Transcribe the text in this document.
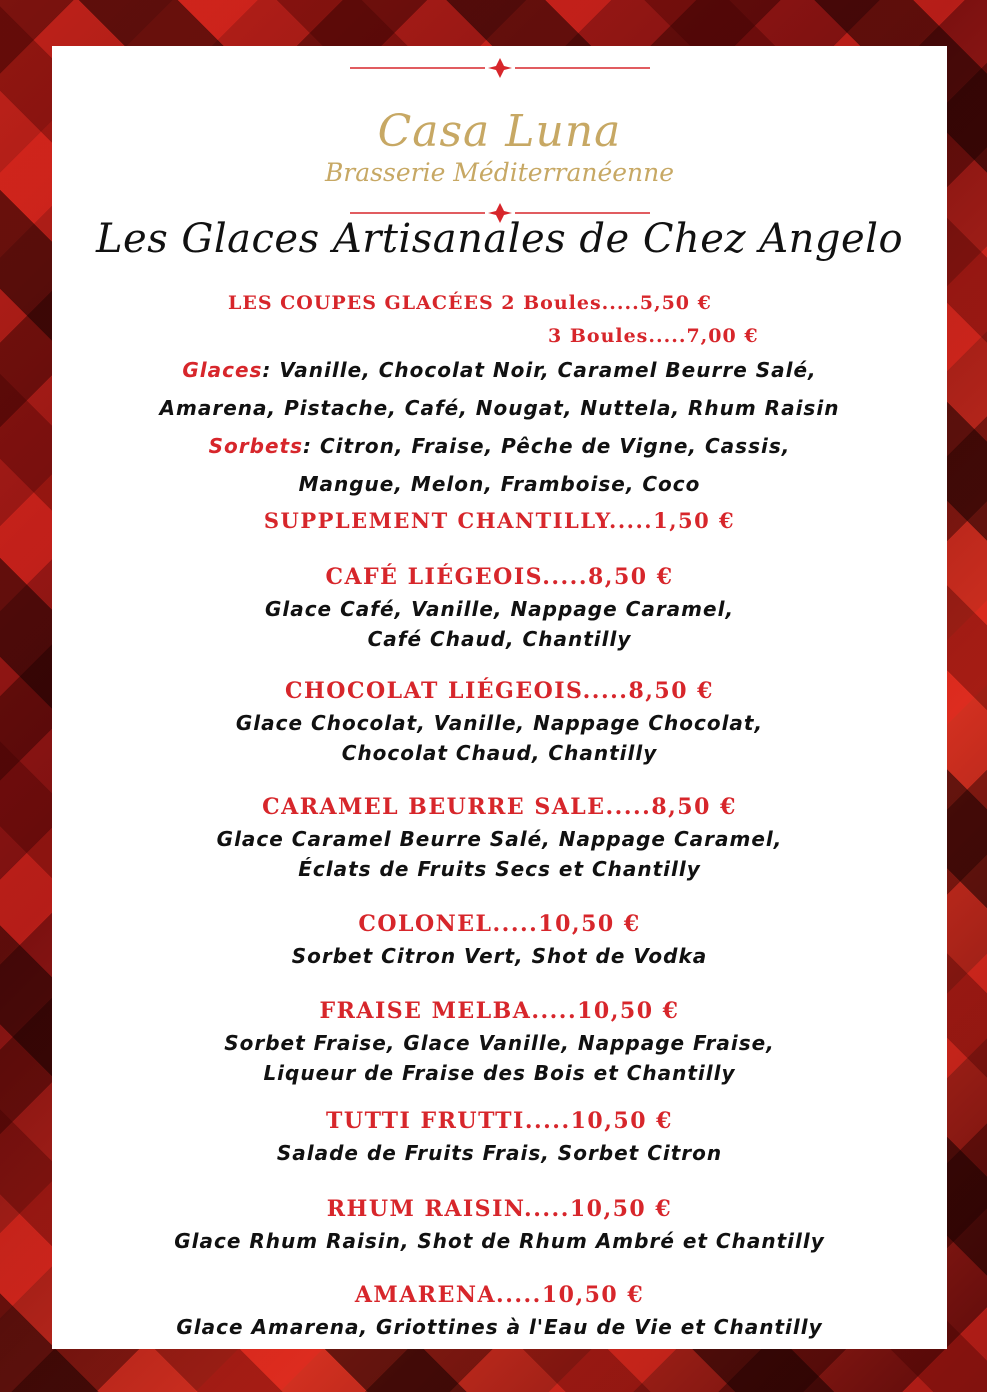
Casa Luna
Brasserie Méditerranéenne
Les Glaces Artisanales de Chez Angelo
LES COUPES GLACÉES 2 Boules.....5,50 €
3 Boules.....7,00 €
Glaces: Vanille, Chocolat Noir, Caramel Beurre Salé,
Amarena, Pistache, Café, Nougat, Nuttela, Rhum Raisin
Sorbets: Citron, Fraise, Pêche de Vigne, Cassis,
Mangue, Melon, Framboise, Coco
SUPPLEMENT CHANTILLY.....1,50 €
CAFÉ LIÉGEOIS.....8,50 €
Glace Café, Vanille, Nappage Caramel,
Café Chaud, Chantilly
CHOCOLAT LIÉGEOIS.....8,50 €
Glace Chocolat, Vanille, Nappage Chocolat,
Chocolat Chaud, Chantilly
CARAMEL BEURRE SALE.....8,50 €
Glace Caramel Beurre Salé, Nappage Caramel,
Éclats de Fruits Secs et Chantilly
COLONEL.....10,50 €
Sorbet Citron Vert, Shot de Vodka
FRAISE MELBA.....10,50 €
Sorbet Fraise, Glace Vanille, Nappage Fraise,
Liqueur de Fraise des Bois et Chantilly
TUTTI FRUTTI.....10,50 €
Salade de Fruits Frais, Sorbet Citron
RHUM RAISIN.....10,50 €
Glace Rhum Raisin, Shot de Rhum Ambré et Chantilly
AMARENA.....10,50 €
Glace Amarena, Griottines à l'Eau de Vie et Chantilly
